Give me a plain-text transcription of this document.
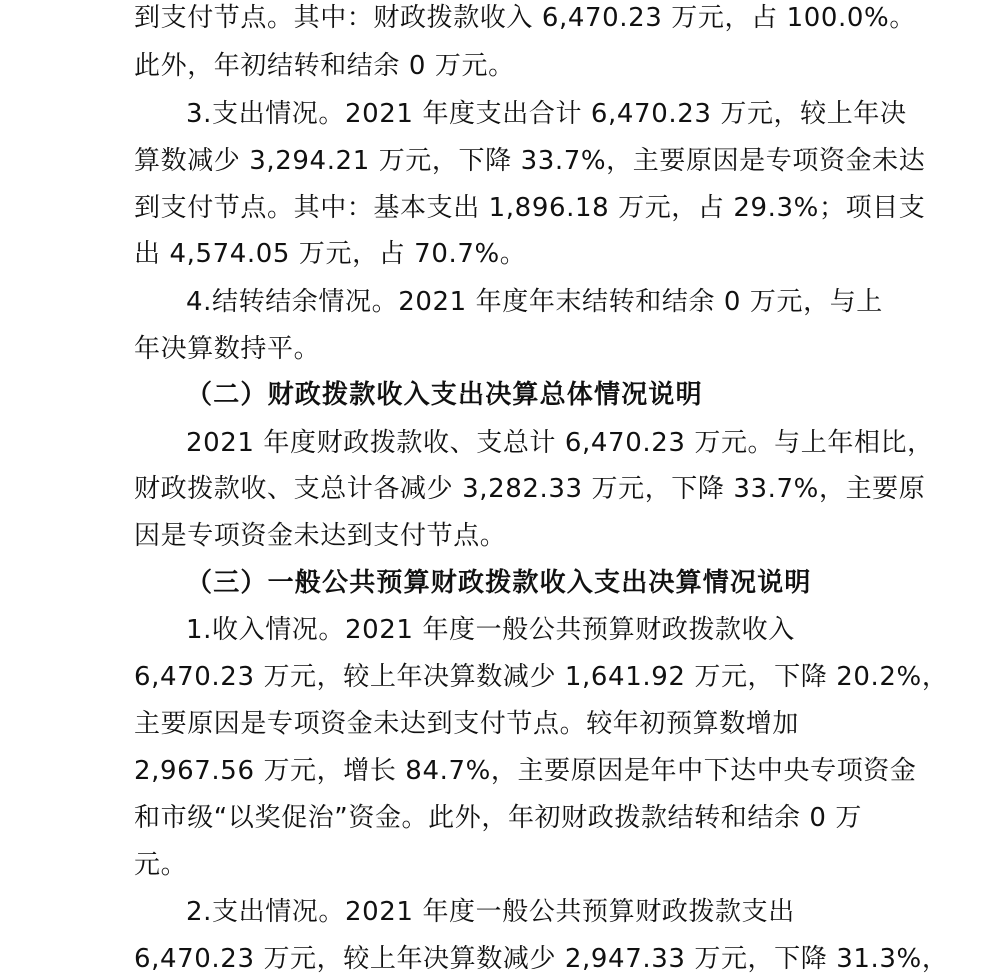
到支付节点。其中：财政拨款收入 6,470.23 万元，占 100.0%。
此外，年初结转和结余 0 万元。
3.支出情况。2021 年度支出合计 6,470.23 万元，较上年决
算数减少 3,294.21 万元，下降 33.7%，主要原因是专项资金未达
到支付节点。其中：基本支出 1,896.18 万元，占 29.3%；项目支
出 4,574.05 万元，占 70.7%。
4.结转结余情况。2021 年度年末结转和结余 0 万元，与上
年决算数持平。
（二）财政拨款收入支出决算总体情况说明
2021 年度财政拨款收、支总计 6,470.23 万元。与上年相比，
财政拨款收、支总计各减少 3,282.33 万元，下降 33.7%，主要原
因是专项资金未达到支付节点。
（三）一般公共预算财政拨款收入支出决算情况说明
1.收入情况。2021 年度一般公共预算财政拨款收入
6,470.23 万元，较上年决算数减少 1,641.92 万元，下降 20.2%，
主要原因是专项资金未达到支付节点。较年初预算数增加
2,967.56 万元，增长 84.7%，主要原因是年中下达中央专项资金
和市级“以奖促治”资金。此外，年初财政拨款结转和结余 0 万
元。
2.支出情况。2021 年度一般公共预算财政拨款支出
6,470.23 万元，较上年决算数减少 2,947.33 万元，下降 31.3%，
